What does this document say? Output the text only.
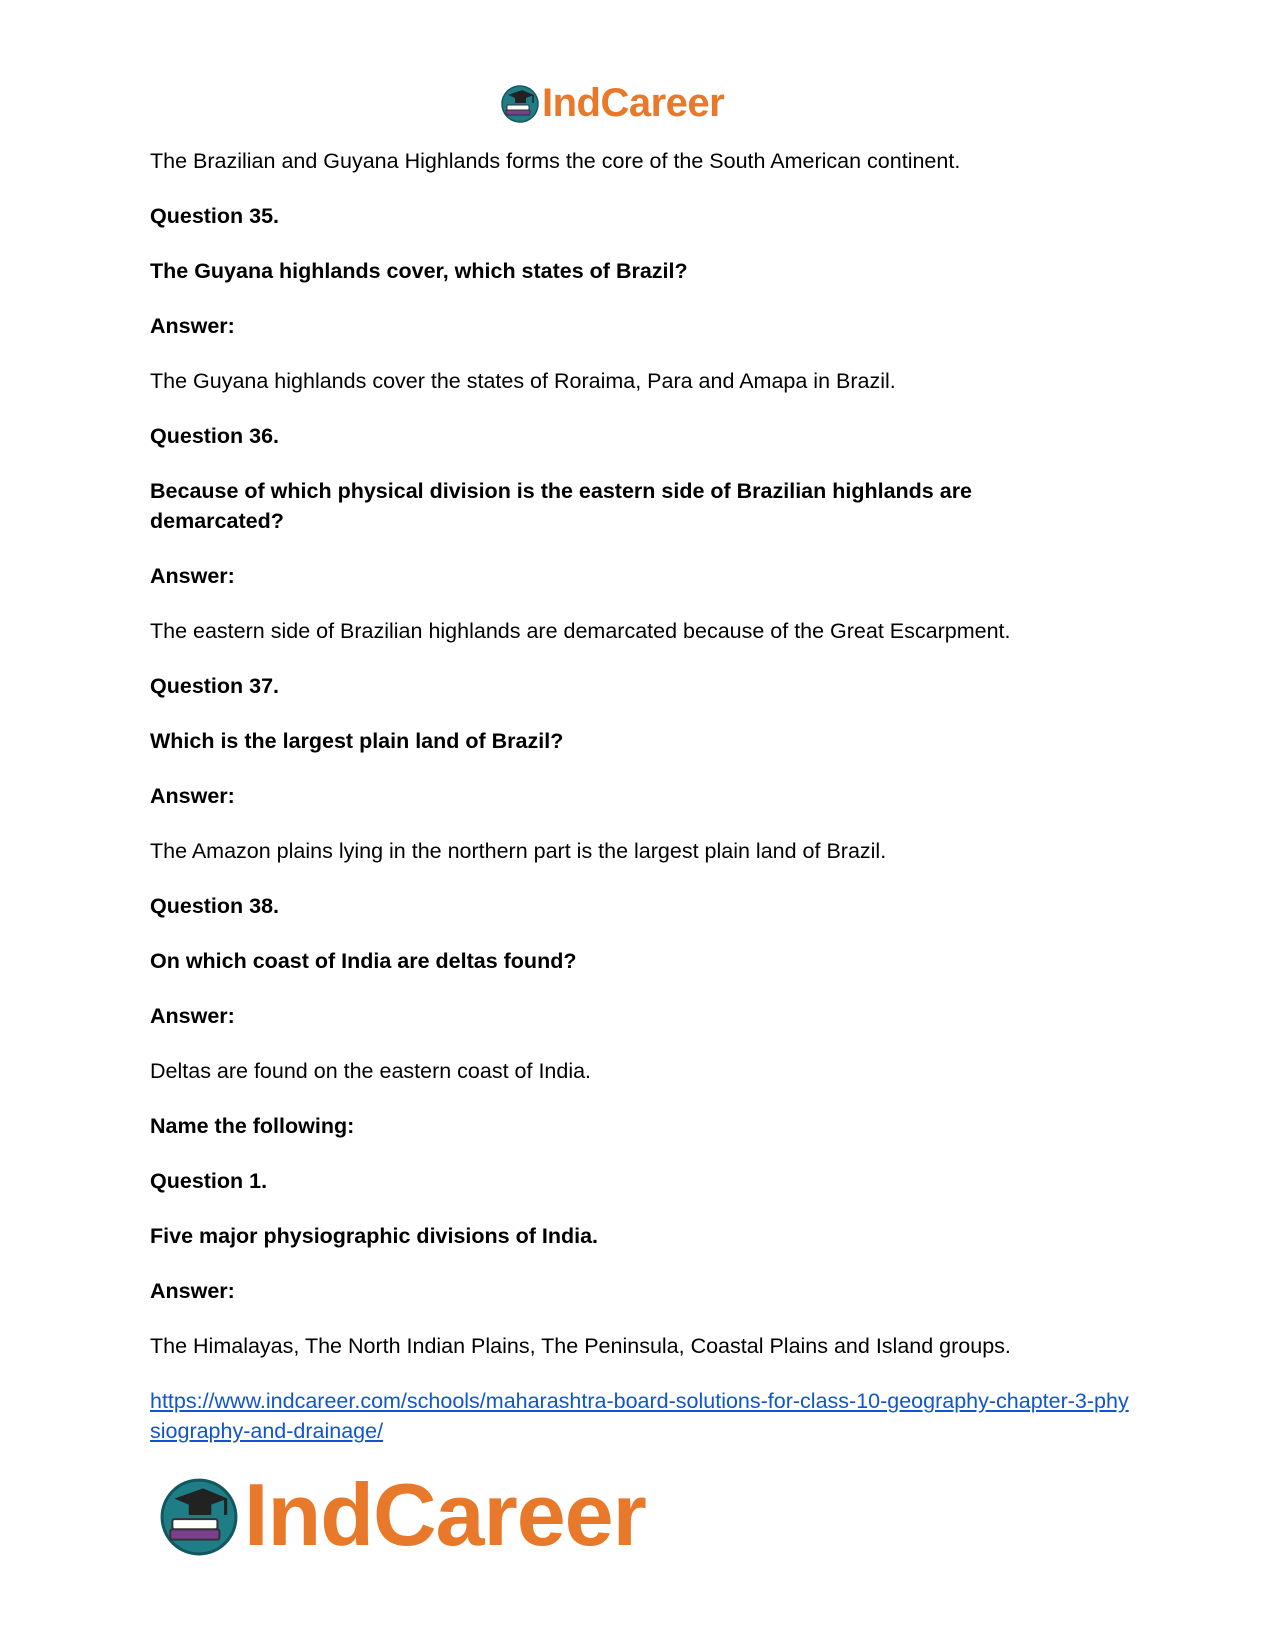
IndCareer

The Brazilian and Guyana Highlands forms the core of the South American continent.

Question 35.

The Guyana highlands cover, which states of Brazil?

Answer:

The Guyana highlands cover the states of Roraima, Para and Amapa in Brazil.

Question 36.

Because of which physical division is the eastern side of Brazilian highlands are demarcated?

Answer:

The eastern side of Brazilian highlands are demarcated because of the Great Escarpment.

Question 37.

Which is the largest plain land of Brazil?

Answer:

The Amazon plains lying in the northern part is the largest plain land of Brazil.

Question 38.

On which coast of India are deltas found?

Answer:

Deltas are found on the eastern coast of India.

Name the following:

Question 1.

Five major physiographic divisions of India.

Answer:

The Himalayas, The North Indian Plains, The Peninsula, Coastal Plains and Island groups.

https://www.indcareer.com/schools/maharashtra-board-solutions-for-class-10-geography-chapter-3-physiography-and-drainage/
IndCareer
